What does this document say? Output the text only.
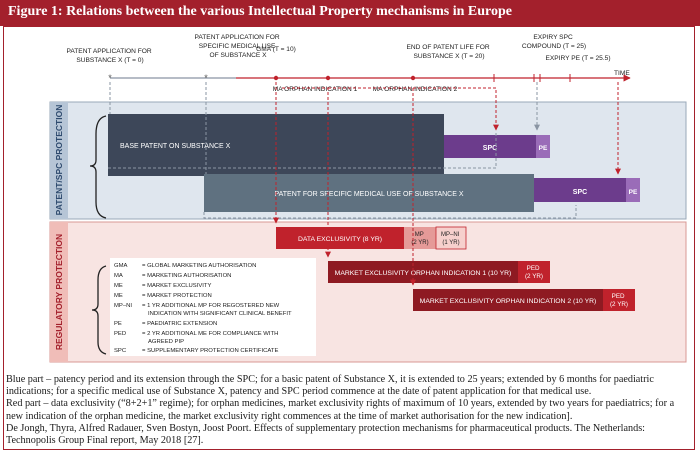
Figure 1: Relations between the various Intellectual Property mechanisms in Europe
PATENT APPLICATION FOR SUBSTANCE X (T = 0)
PATENT APPLICATION FOR SPECIFIC MEDICAL USE OF SUBSTANCE X
GMA (T = 10)
MA ORPHAN INDICATION 1 MA ORPHAN INDICATION 2
END OF PATENT LIFE FOR SUBSTANCE X (T = 20)
EXPIRY SPC COMPOUND (T = 25)
EXPIRY PE (T = 25.5)
TIME
*	*
PATENT/SPC PROTECTION	BASE PATENT ON SUBSTANCE X	SPC	PE
PATENT FOR SPECIFIC MEDICAL USE OF SUBSTANCE X	SPC	PE
REGULATORY PROTECTION	DATA EXCLUSIVITY (8 YR)
MP (2 YR)
MP–NI (1 YR)
MARKET EXCLUSIVITY ORPHAN INDICATION 1 (10 YR)
PED (2 YR)
MARKET EXCLUSIVITY ORPHAN INDICATION 2 (10 YR)
PED (2 YR)
GMA = GLOBAL MARKETING AUTHORISATION
MA	= MARKETING AUTHORISATION
ME	= MARKET EXCLUSIVITY
ME	= MARKET PROTECTION
MP–NI = 1 YR ADDITIONAL MP FOR REGOSTERED NEW INDICATION WITH SIGNIFICANT CLINICAL BENEFIT
PE	= PAEDIATRIC EXTENSION
PED	= 2 YR ADDITIONAL ME FOR COMPLIANCE WITH AGREED PIP
SPC	= SUPPLEMENTARY PROTECTION CERTIFICATE

Blue part – patency period and its extension through the SPC; for a basic patent of Substance X, it is extended to 25 years; extended by 6 months for paediatric indications; for a specific medical use of Substance X, patency and SPC period commence at the date of patent application for that medical use.

Red part – data exclusivity (“8+2+1” regime); for orphan medicines, market exclusivity rights of maximum of 10 years, extended by two years for paediatrics; for a new indication of the orphan medicine, the market exclusivity right commences at the time of market authorisation for the new indication].

De Jongh, Thyra, Alfred Radauer, Sven Bostyn, Joost Poort. Effects of supplementary protection mechanisms for pharmaceutical products. The Netherlands: Technopolis Group Final report, May 2018 [27].
